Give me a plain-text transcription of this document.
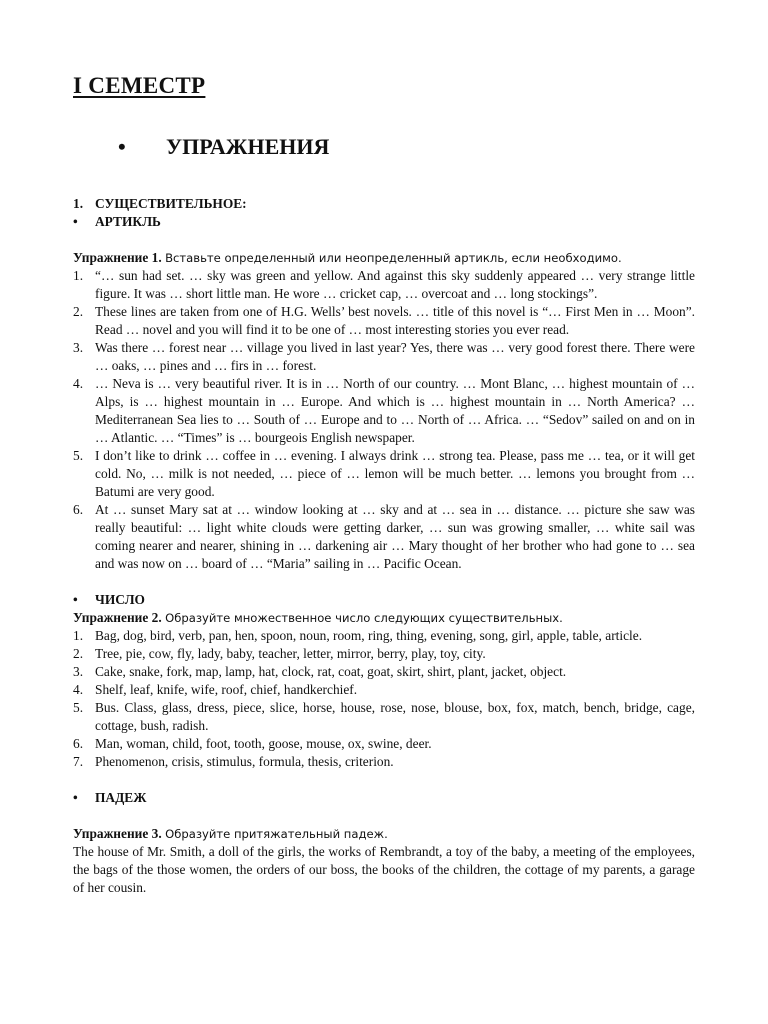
I СЕМЕСТР
•	УПРАЖНЕНИЯ

1. СУЩЕСТВИТЕЛЬНОЕ:

•	АРТИКЛЬ

Упражнение 1. Вставьте определенный или неопределенный артикль, если необходимо.

1. “… sun had set. … sky was green and yellow. And against this sky suddenly appeared … very strange little figure. It was … short little man. He wore … cricket cap, … overcoat and … long stockings”.
2. These lines are taken from one of H.G. Wells’ best novels. … title of this novel is “… First Men in … Moon”. Read … novel and you will find it to be one of … most interesting stories you ever read.
3. Was there … forest near … village you lived in last year? Yes, there was … very good forest there. There were … oaks, … pines and … firs in … forest.
4. … Neva is … very beautiful river. It is in … North of our country. … Mont Blanc, … highest mountain of … Alps, is … highest mountain in … Europe. And which is … highest mountain in … North America? … Mediterranean Sea lies to … South of … Europe and to … North of … Africa. … “Sedov” sailed on and on in … Atlantic. … “Times” is … bourgeois English newspaper.
5. I don’t like to drink … coffee in … evening. I always drink … strong tea. Please, pass me … tea, or it will get cold. No, … milk is not needed, … piece of … lemon will be much better. … lemons you brought from … Batumi are very good.
6. At … sunset Mary sat at … window looking at … sky and at … sea in … distance. … picture she saw was really beautiful: … light white clouds were getting darker, … sun was growing smaller, … white sail was coming nearer and nearer, shining in … darkening air … Mary thought of her brother who had gone to … sea and was now on … board of … “Maria” sailing in … Pacific Ocean.

•	ЧИСЛО

Упражнение 2. Образуйте множественное число следующих существительных.

1. Bag, dog, bird, verb, pan, hen, spoon, noun, room, ring, thing, evening, song, girl, apple, table, article.
2. Tree, pie, cow, fly, lady, baby, teacher, letter, mirror, berry, play, toy, city.
3. Cake, snake, fork, map, lamp, hat, clock, rat, coat, goat, skirt, shirt, plant, jacket, object.
4. Shelf, leaf, knife, wife, roof, chief, handkerchief.
5. Bus. Class, glass, dress, piece, slice, horse, house, rose, nose, blouse, box, fox, match, bench, bridge, cage, cottage, bush, radish.
6. Man, woman, child, foot, tooth, goose, mouse, ox, swine, deer.
7. Phenomenon, crisis, stimulus, formula, thesis, criterion.

•	ПАДЕЖ

Упражнение 3. Образуйте притяжательный падеж.

The house of Mr. Smith, a doll of the girls, the works of Rembrandt, a toy of the baby, a meeting of the employees, the bags of the those women, the orders of our boss, the books of the children, the cottage of my parents, a garage of her cousin.
